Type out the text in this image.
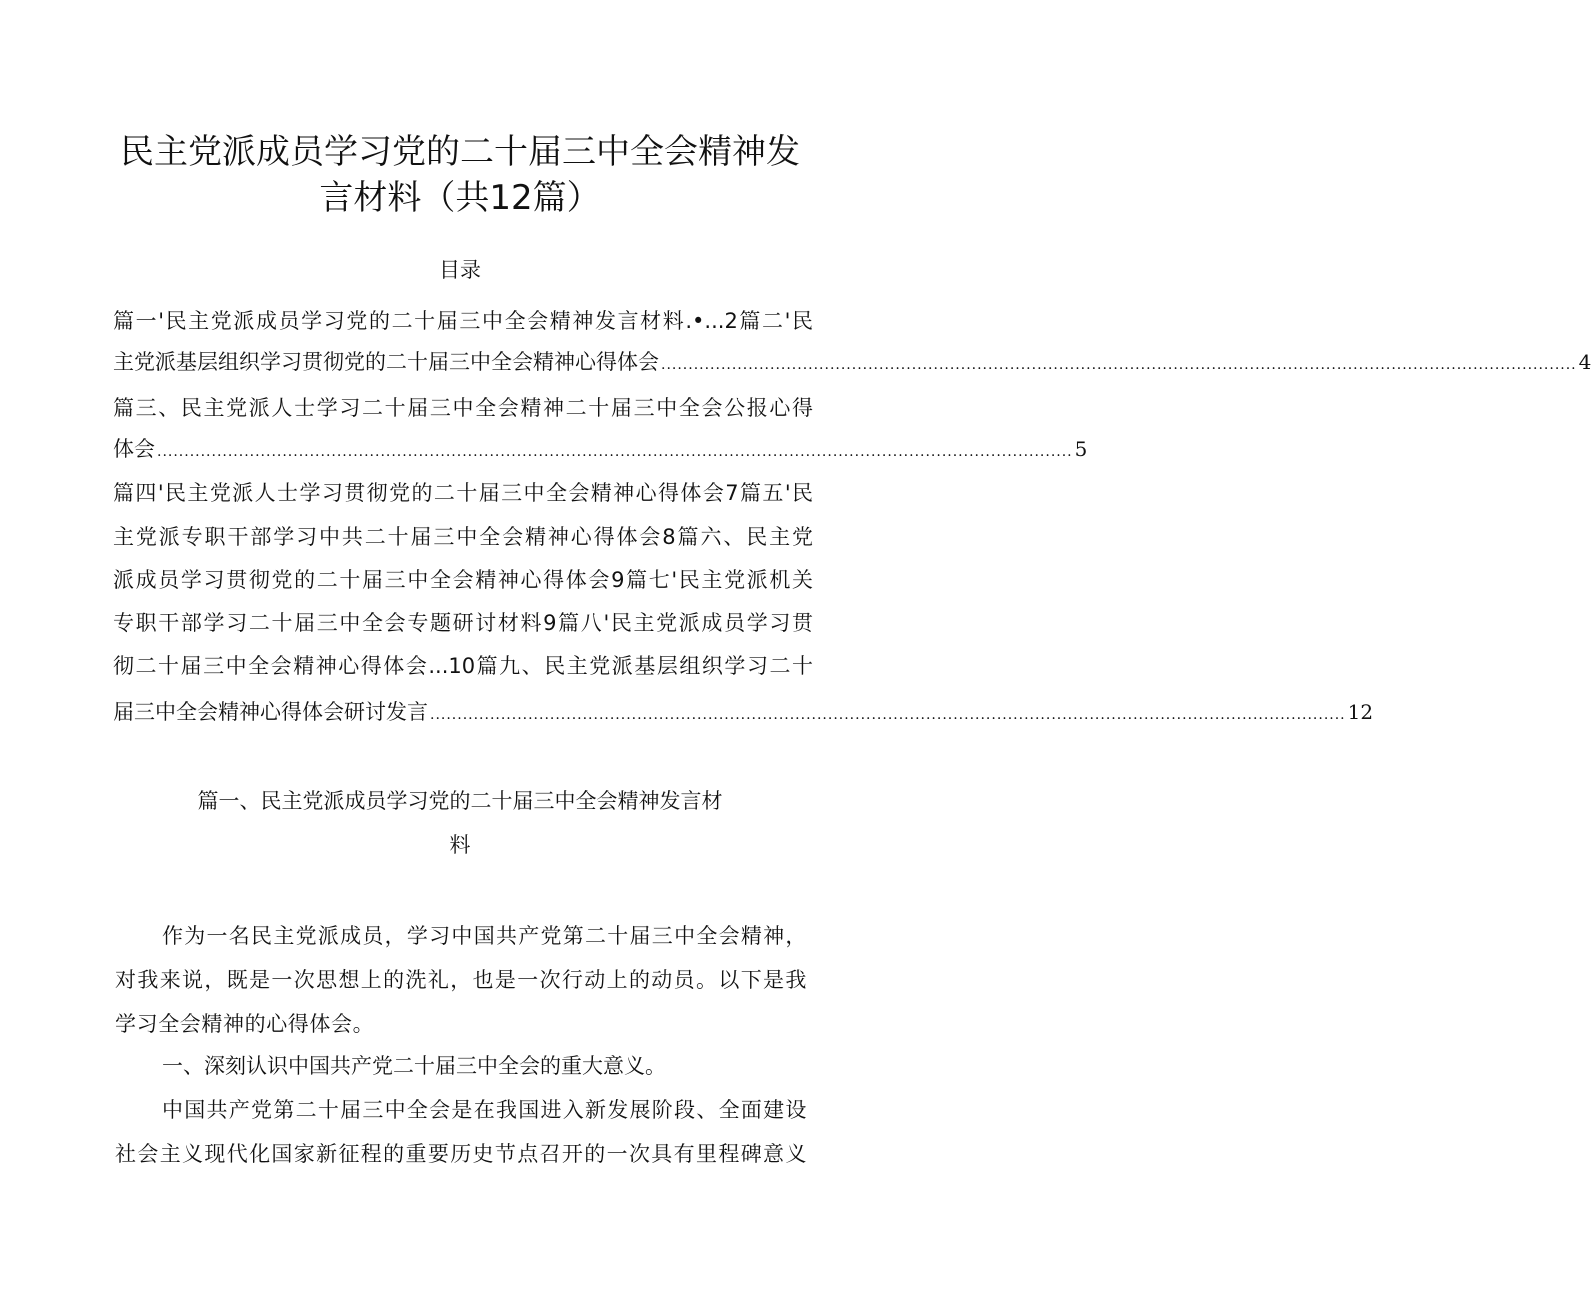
民主党派成员学习党的二十届三中全会精神发
言材料（共12篇）
目录
篇一'民主党派成员学习党的二十届三中全会精神发言材料.•...2篇二'民
主党派基层组织学习贯彻党的二十届三中全会精神心得体会 ........................................................................................................................................................................ 4
篇三、民主党派人士学习二十届三中全会精神二十届三中全会公报心得
体会 ........................................................................................................................................................................ 5
篇四'民主党派人士学习贯彻党的二十届三中全会精神心得体会7篇五'民
主党派专职干部学习中共二十届三中全会精神心得体会8篇六、民主党
派成员学习贯彻党的二十届三中全会精神心得体会9篇七'民主党派机关
专职干部学习二十届三中全会专题研讨材料9篇八'民主党派成员学习贯
彻二十届三中全会精神心得体会...10篇九、民主党派基层组织学习二十
届三中全会精神心得体会研讨发言 ........................................................................................................................................................................ 12
篇一、民主党派成员学习党的二十届三中全会精神发言材
料
作为一名民主党派成员，学习中国共产党第二十届三中全会精神，
对我来说，既是一次思想上的洗礼，也是一次行动上的动员。以下是我
学习全会精神的心得体会。
一、深刻认识中国共产党二十届三中全会的重大意义。
中国共产党第二十届三中全会是在我国进入新发展阶段、全面建设
社会主义现代化国家新征程的重要历史节点召开的一次具有里程碑意义
